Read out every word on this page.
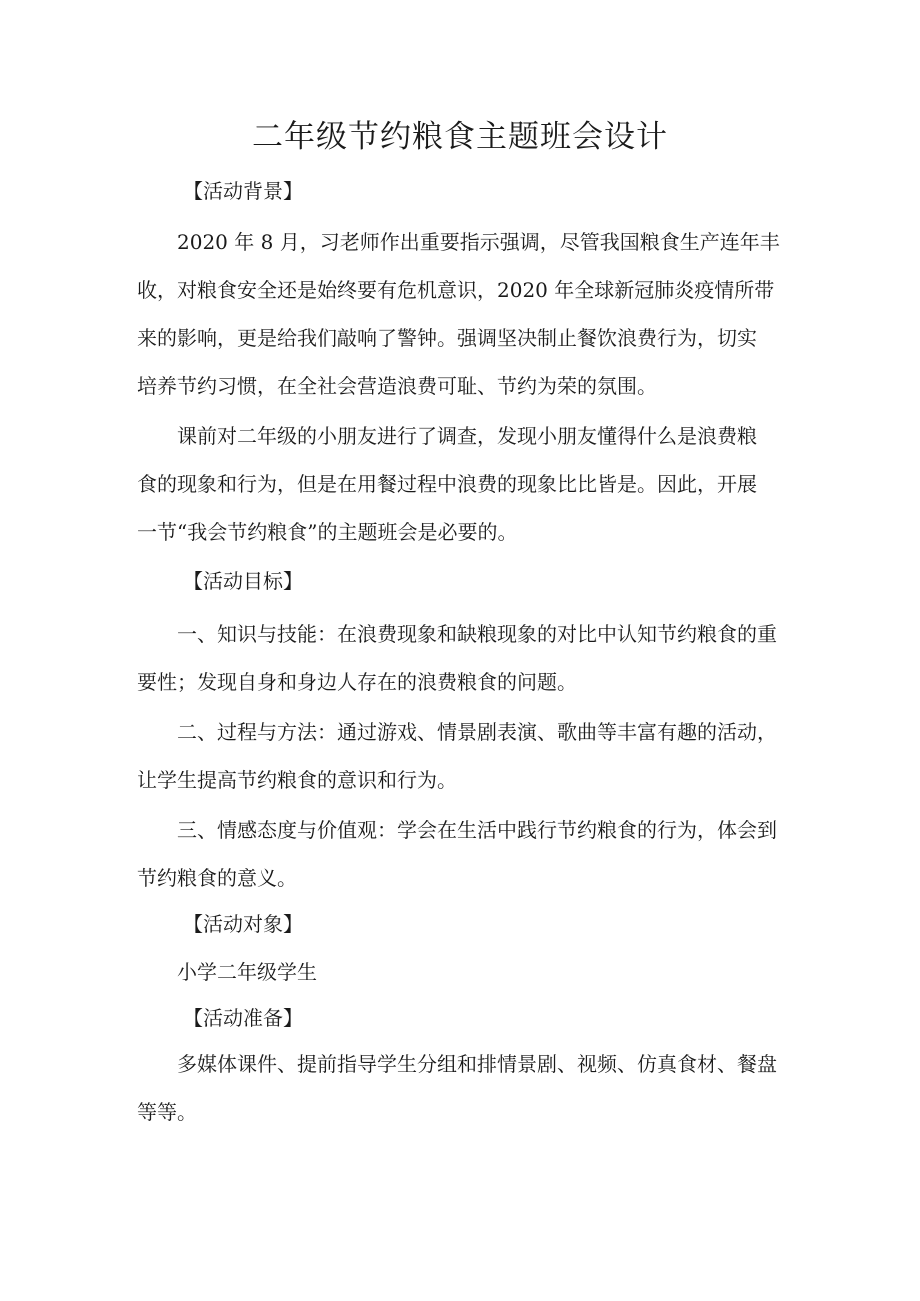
二年级节约粮食主题班会设计
【活动背景】
2020 年 8 月，习老师作出重要指示强调，尽管我国粮食生产连年丰
收，对粮食安全还是始终要有危机意识，2020 年全球新冠肺炎疫情所带
来的影响，更是给我们敲响了警钟。强调坚决制止餐饮浪费行为，切实
培养节约习惯，在全社会营造浪费可耻、节约为荣的氛围。
课前对二年级的小朋友进行了调查，发现小朋友懂得什么是浪费粮
食的现象和行为，但是在用餐过程中浪费的现象比比皆是。因此，开展
一节“我会节约粮食”的主题班会是必要的。
【活动目标】
一、知识与技能：在浪费现象和缺粮现象的对比中认知节约粮食的重
要性；发现自身和身边人存在的浪费粮食的问题。
二、过程与方法：通过游戏、情景剧表演、歌曲等丰富有趣的活动，
让学生提高节约粮食的意识和行为。
三、情感态度与价值观：学会在生活中践行节约粮食的行为，体会到
节约粮食的意义。
【活动对象】
小学二年级学生
【活动准备】
多媒体课件、提前指导学生分组和排情景剧、视频、仿真食材、餐盘
等等。
